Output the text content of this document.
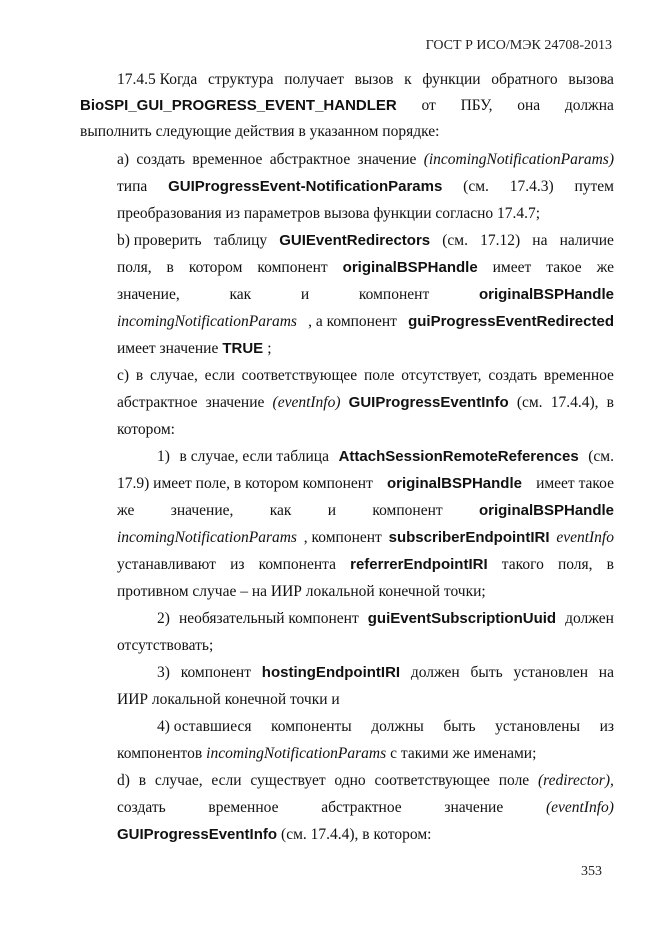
ГОСТ Р ИСО/МЭК 24708-2013
17.4.5 Когда структура получает вызов к функции обратного вызова
BioSPI_GUI_PROGRESS_EVENT_HANDLER от ПБУ, она должна
выполнить следующие действия в указанном порядке:
а) создать временное абстрактное значение (incomingNotificationParams)
типа GUIProgressEvent-NotificationParams (см. 17.4.3) путем
преобразования из параметров вызова функции согласно 17.4.7;
b) проверить таблицу GUIEventRedirectors (см. 17.12) на наличие
поля, в котором компонент originalBSPHandle имеет такое же
значение,	как	и	компонент	originalBSPHandle
incomingNotificationParams , а компонент guiProgressEventRedirected
имеет значение TRUE ;
с) в случае, если соответствующее поле отсутствует, создать временное
абстрактное значение (eventInfo) GUIProgressEventInfo (см. 17.4.4), в
котором:
1) в случае, если таблица AttachSessionRemoteReferences (см.
17.9) имеет поле, в котором компонент originalBSPHandle имеет такое
же значение, как и компонент originalBSPHandle
incomingNotificationParams , компонент subscriberEndpointIRI eventInfo
устанавливают из компонента referrerEndpointIRI такого поля, в
противном случае – на ИИР локальной конечной точки;
2) необязательный компонент guiEventSubscriptionUuid должен
отсутствовать;
3) компонент hostingEndpointIRI должен быть установлен на
ИИР локальной конечной точки и
4) оставшиеся компоненты должны быть установлены из
компонентов incomingNotificationParams с такими же именами;
d) в случае, если существует одно соответствующее поле (redirector),
создать	временное	абстрактное	значение	(eventInfo)
GUIProgressEventInfo (см. 17.4.4), в котором:
353
